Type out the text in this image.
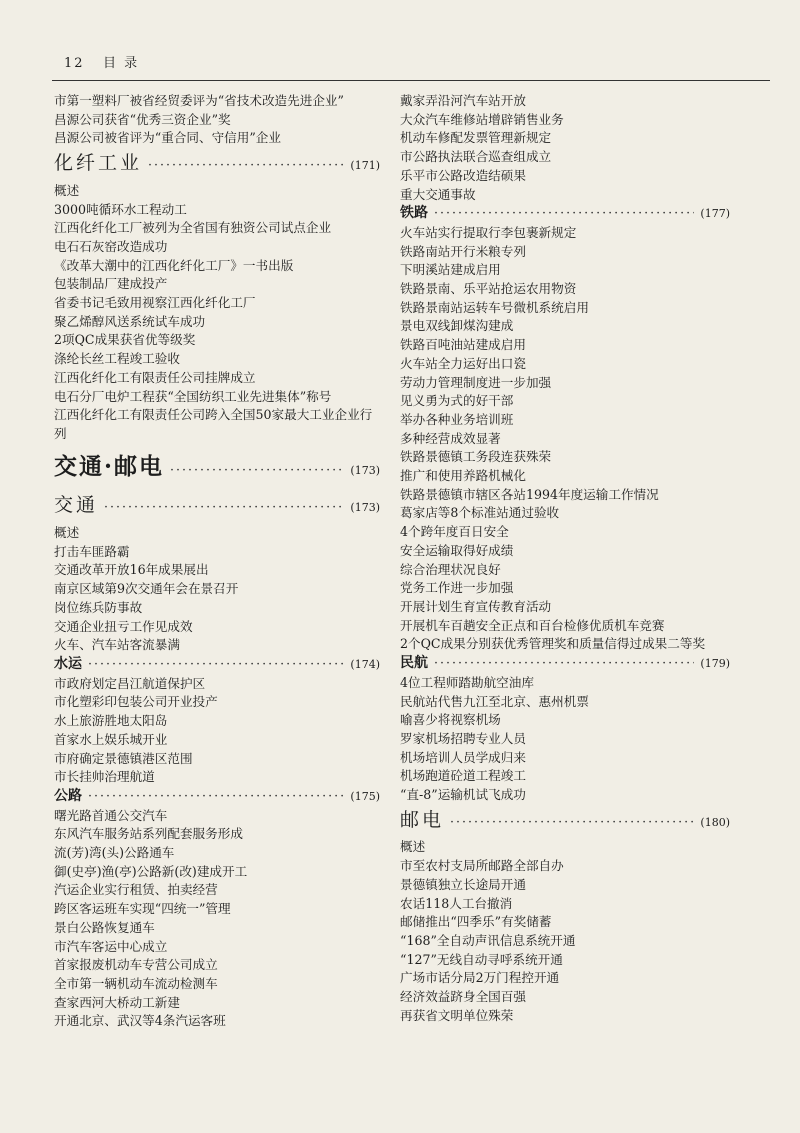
12 目 录
市第一塑料厂被省经贸委评为“省技术改造先进企业”
昌源公司获省“优秀三资企业”奖
昌源公司被省评为“重合同、守信用”企业
化纤工业 ·····	(171)
概述
3000吨循环水工程动工
江西化纤化工厂被列为全省国有独资公司试点企业
电石石灰窑改造成功
《改革大潮中的江西化纤化工厂》一书出版
包装制品厂建成投产
省委书记毛致用视察江西化纤化工厂
聚乙烯醇风送系统试车成功
2项QC成果获省优等级奖
涤纶长丝工程竣工验收
江西化纤化工有限责任公司挂牌成立
电石分厂电炉工程获“全国纺织工业先进集体”称号
江西化纤化工有限责任公司跨入全国50家最大工业企业行列
交通·邮电 ·····	(173)
交通 ·····	(173)
概述
打击车匪路霸
交通改革开放16年成果展出
南京区域第9次交通年会在景召开
岗位练兵防事故
交通企业扭亏工作见成效
火车、汽车站客流暴满
水运 ·····	(174)
市政府划定昌江航道保护区
市化塑彩印包装公司开业投产
水上旅游胜地太阳岛
首家水上娱乐城开业
市府确定景德镇港区范围
市长挂帅治理航道
公路 ·····	(175)
曙光路首通公交汽车
东风汽车服务站系列配套服务形成
流(芳)湾(头)公路通车
御(史亭)渔(亭)公路新(改)建成开工
汽运企业实行租赁、拍卖经营
跨区客运班车实现“四统一”管理
景白公路恢复通车
市汽车客运中心成立
首家报废机动车专营公司成立
全市第一辆机动车流动检测车
查家西河大桥动工新建
开通北京、武汉等4条汽运客班
戴家弄沿河汽车站开放
大众汽车维修站增辟销售业务
机动车修配发票管理新规定
市公路执法联合巡查组成立
乐平市公路改造结硕果
重大交通事故
铁路 ·····	(177)
火车站实行提取行李包裹新规定
铁路南站开行米粮专列
下明溪站建成启用
铁路景南、乐平站抢运农用物资
铁路景南站运转车号微机系统启用
景电双线卸煤沟建成
铁路百吨油站建成启用
火车站全力运好出口瓷
劳动力管理制度进一步加强
见义勇为式的好干部
举办各种业务培训班
多种经营成效显著
铁路景德镇工务段连获殊荣
推广和使用养路机械化
铁路景德镇市辖区各站1994年度运输工作情况
葛家店等8个标准站通过验收
4个跨年度百日安全
安全运输取得好成绩
综合治理状况良好
党务工作进一步加强
开展计划生育宣传教育活动
开展机车百趟安全正点和百台检修优质机车竞赛
2个QC成果分别获优秀管理奖和质量信得过成果二等奖
民航 ·····	(179)
4位工程师踏勘航空油库
民航站代售九江至北京、惠州机票
喻喜少将视察机场
罗家机场招聘专业人员
机场培训人员学成归来
机场跑道砼道工程竣工
“直-8”运输机试飞成功
邮电 ·····	(180)
概述
市至农村支局所邮路全部自办
景德镇独立长途局开通
农话118人工台撤消
邮储推出“四季乐”有奖储蓄
“168”全自动声讯信息系统开通
“127”无线自动寻呼系统开通
广场市话分局2万门程控开通
经济效益跻身全国百强
再获省文明单位殊荣
